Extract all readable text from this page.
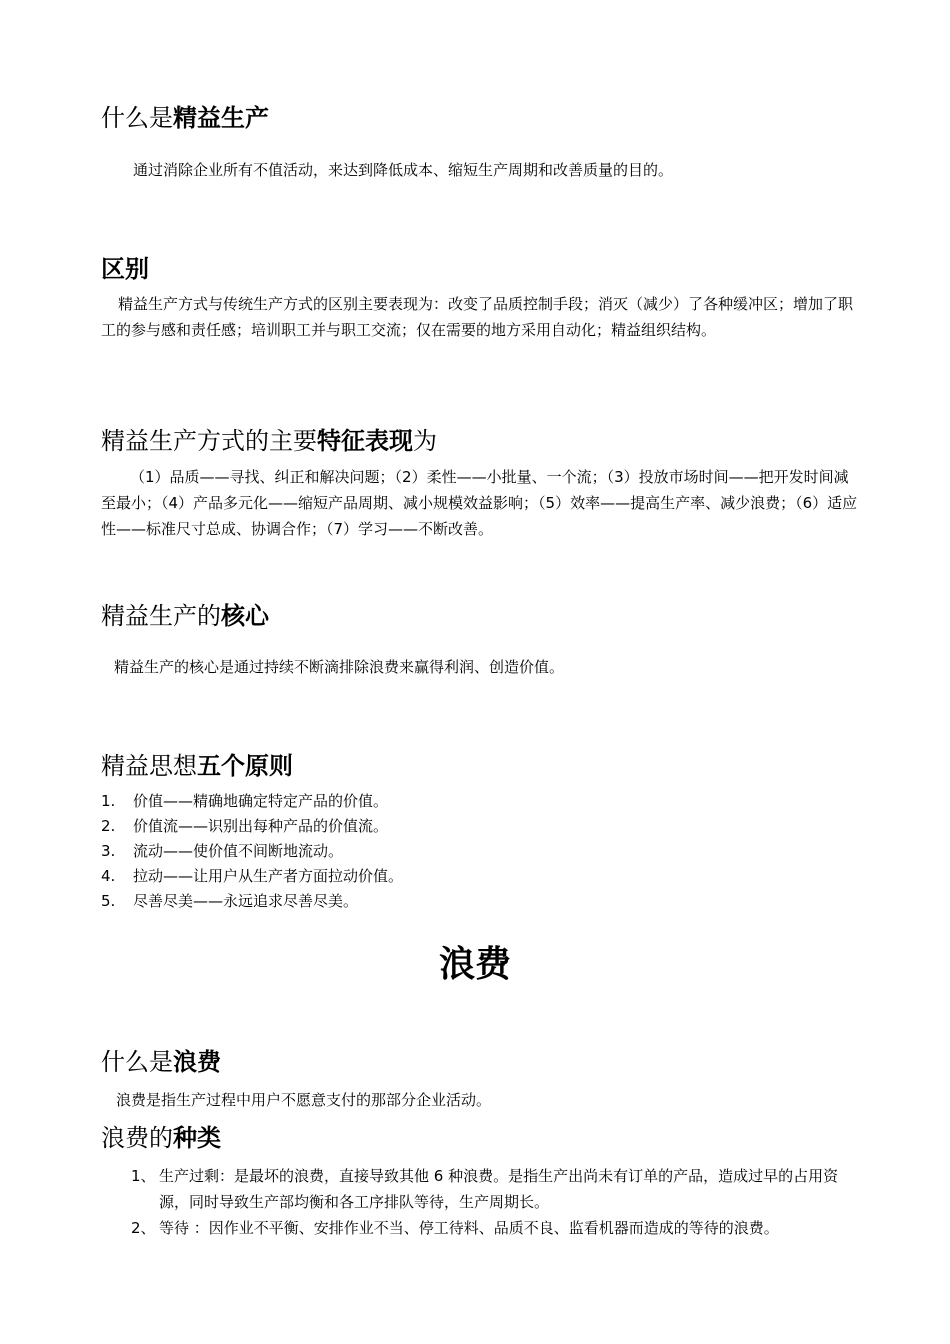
什么是精益生产

通过消除企业所有不值活动，来达到降低成本、缩短生产周期和改善质量的目的。

区别

精益生产方式与传统生产方式的区别主要表现为：改变了品质控制手段；消灭（减少）了各种缓冲区；增加了职工的参与感和责任感；培训职工并与职工交流；仅在需要的地方采用自动化；精益组织结构。

精益生产方式的主要特征表现为

（1）品质——寻找、纠正和解决问题；（2）柔性——小批量、一个流；（3）投放市场时间——把开发时间减至最小；（4）产品多元化——缩短产品周期、减小规模效益影响；（5）效率——提高生产率、减少浪费；（6）适应性——标准尺寸总成、协调合作；（7）学习——不断改善。

精益生产的核心

精益生产的核心是通过持续不断滴排除浪费来赢得利润、创造价值。

精益思想五个原则
1. 价值——精确地确定特定产品的价值。
2. 价值流——识别出每种产品的价值流。
3. 流动——使价值不间断地流动。
4. 拉动——让用户从生产者方面拉动价值。
5. 尽善尽美——永远追求尽善尽美。
浪费
什么是浪费

浪费是指生产过程中用户不愿意支付的那部分企业活动。

浪费的种类
1、 生产过剩：是最坏的浪费，直接导致其他 6 种浪费。是指生产出尚未有订单的产品，造成过早的占用资源，同时导致生产部均衡和各工序排队等待，生产周期长。
2、 等待 ：因作业不平衡、安排作业不当、停工待料、品质不良、监看机器而造成的等待的浪费。
